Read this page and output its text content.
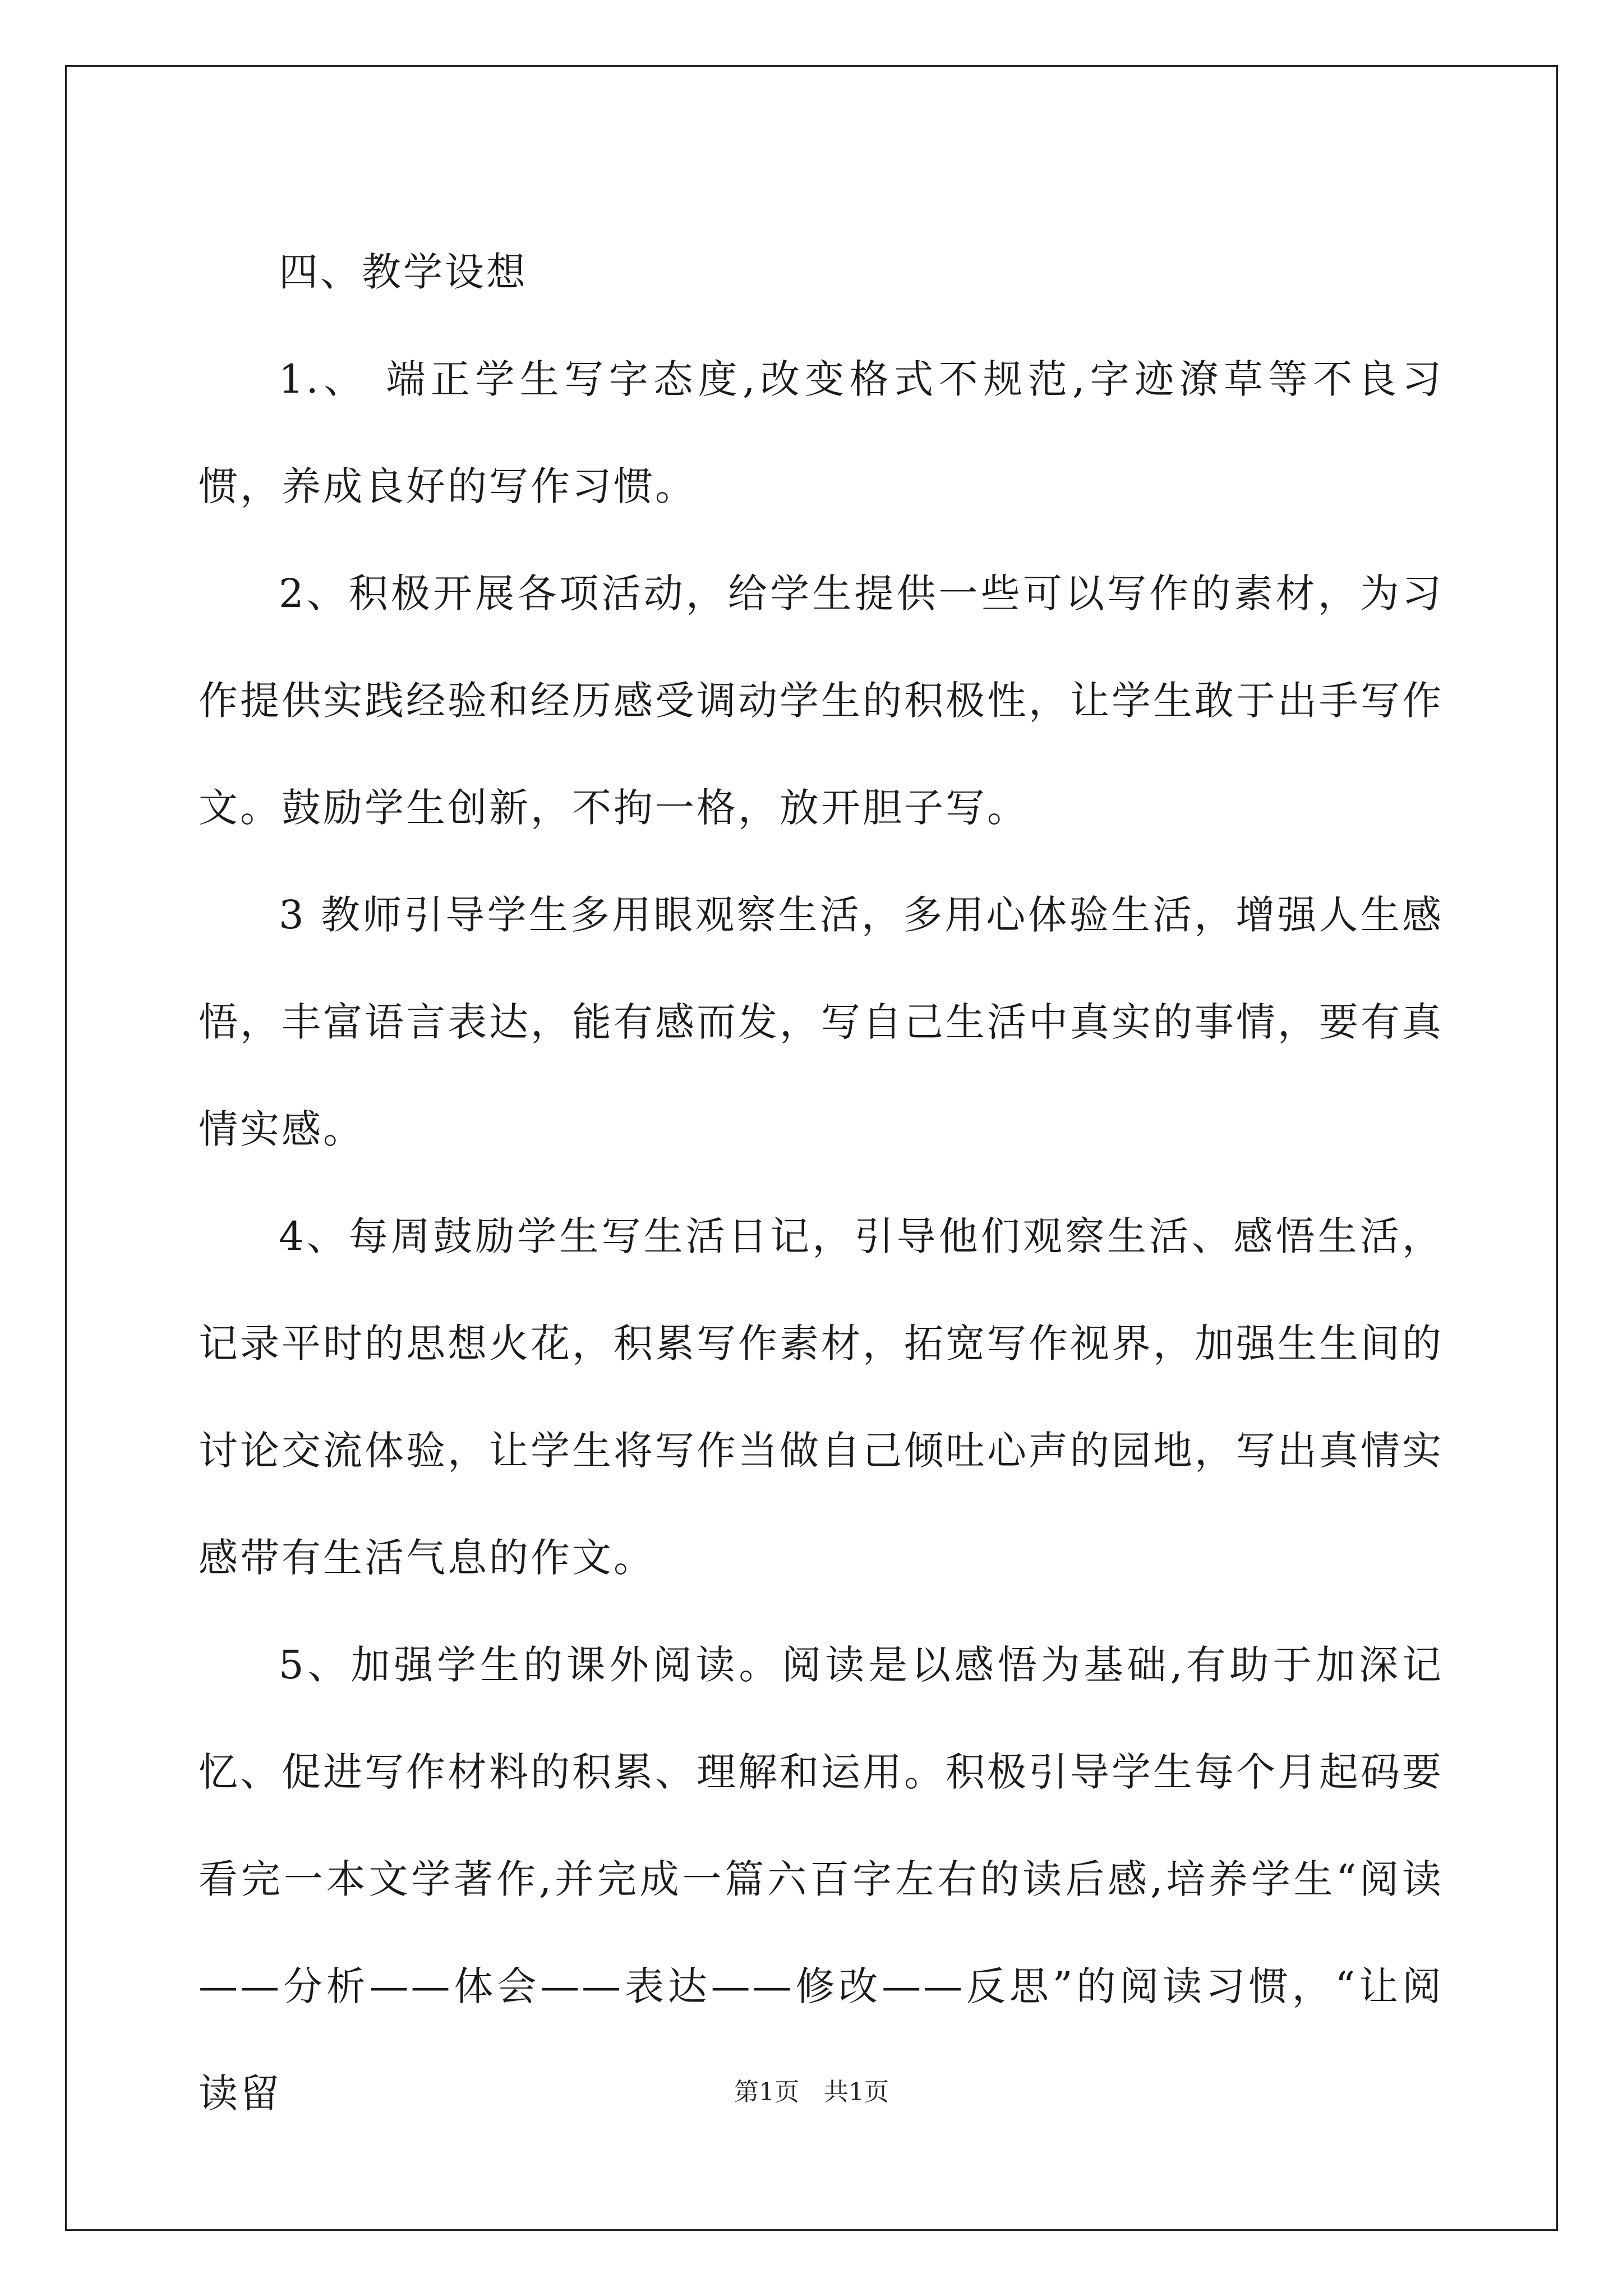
四、教学设想

1.、 端正学生写字态度,改变格式不规范,字迹潦草等不良习惯，养成良好的写作习惯。

2、积极开展各项活动，给学生提供一些可以写作的素材，为习作提供实践经验和经历感受调动学生的积极性，让学生敢于出手写作文。鼓励学生创新，不拘一格，放开胆子写。

3 教师引导学生多用眼观察生活，多用心体验生活，增强人生感悟，丰富语言表达，能有感而发，写自己生活中真实的事情，要有真情实感。

4、每周鼓励学生写生活日记，引导他们观察生活、感悟生活，记录平时的思想火花，积累写作素材，拓宽写作视界，加强生生间的讨论交流体验，让学生将写作当做自己倾吐心声的园地，写出真情实感带有生活气息的作文。

5、加强学生的课外阅读。阅读是以感悟为基础,有助于加深记忆、促进写作材料的积累、理解和运用。积极引导学生每个月起码要看完一本文学著作,并完成一篇六百字左右的读后感,培养学生“阅读——分析——体会——表达——修改——反思”的阅读习惯，“让阅读留	第1页　共1页
